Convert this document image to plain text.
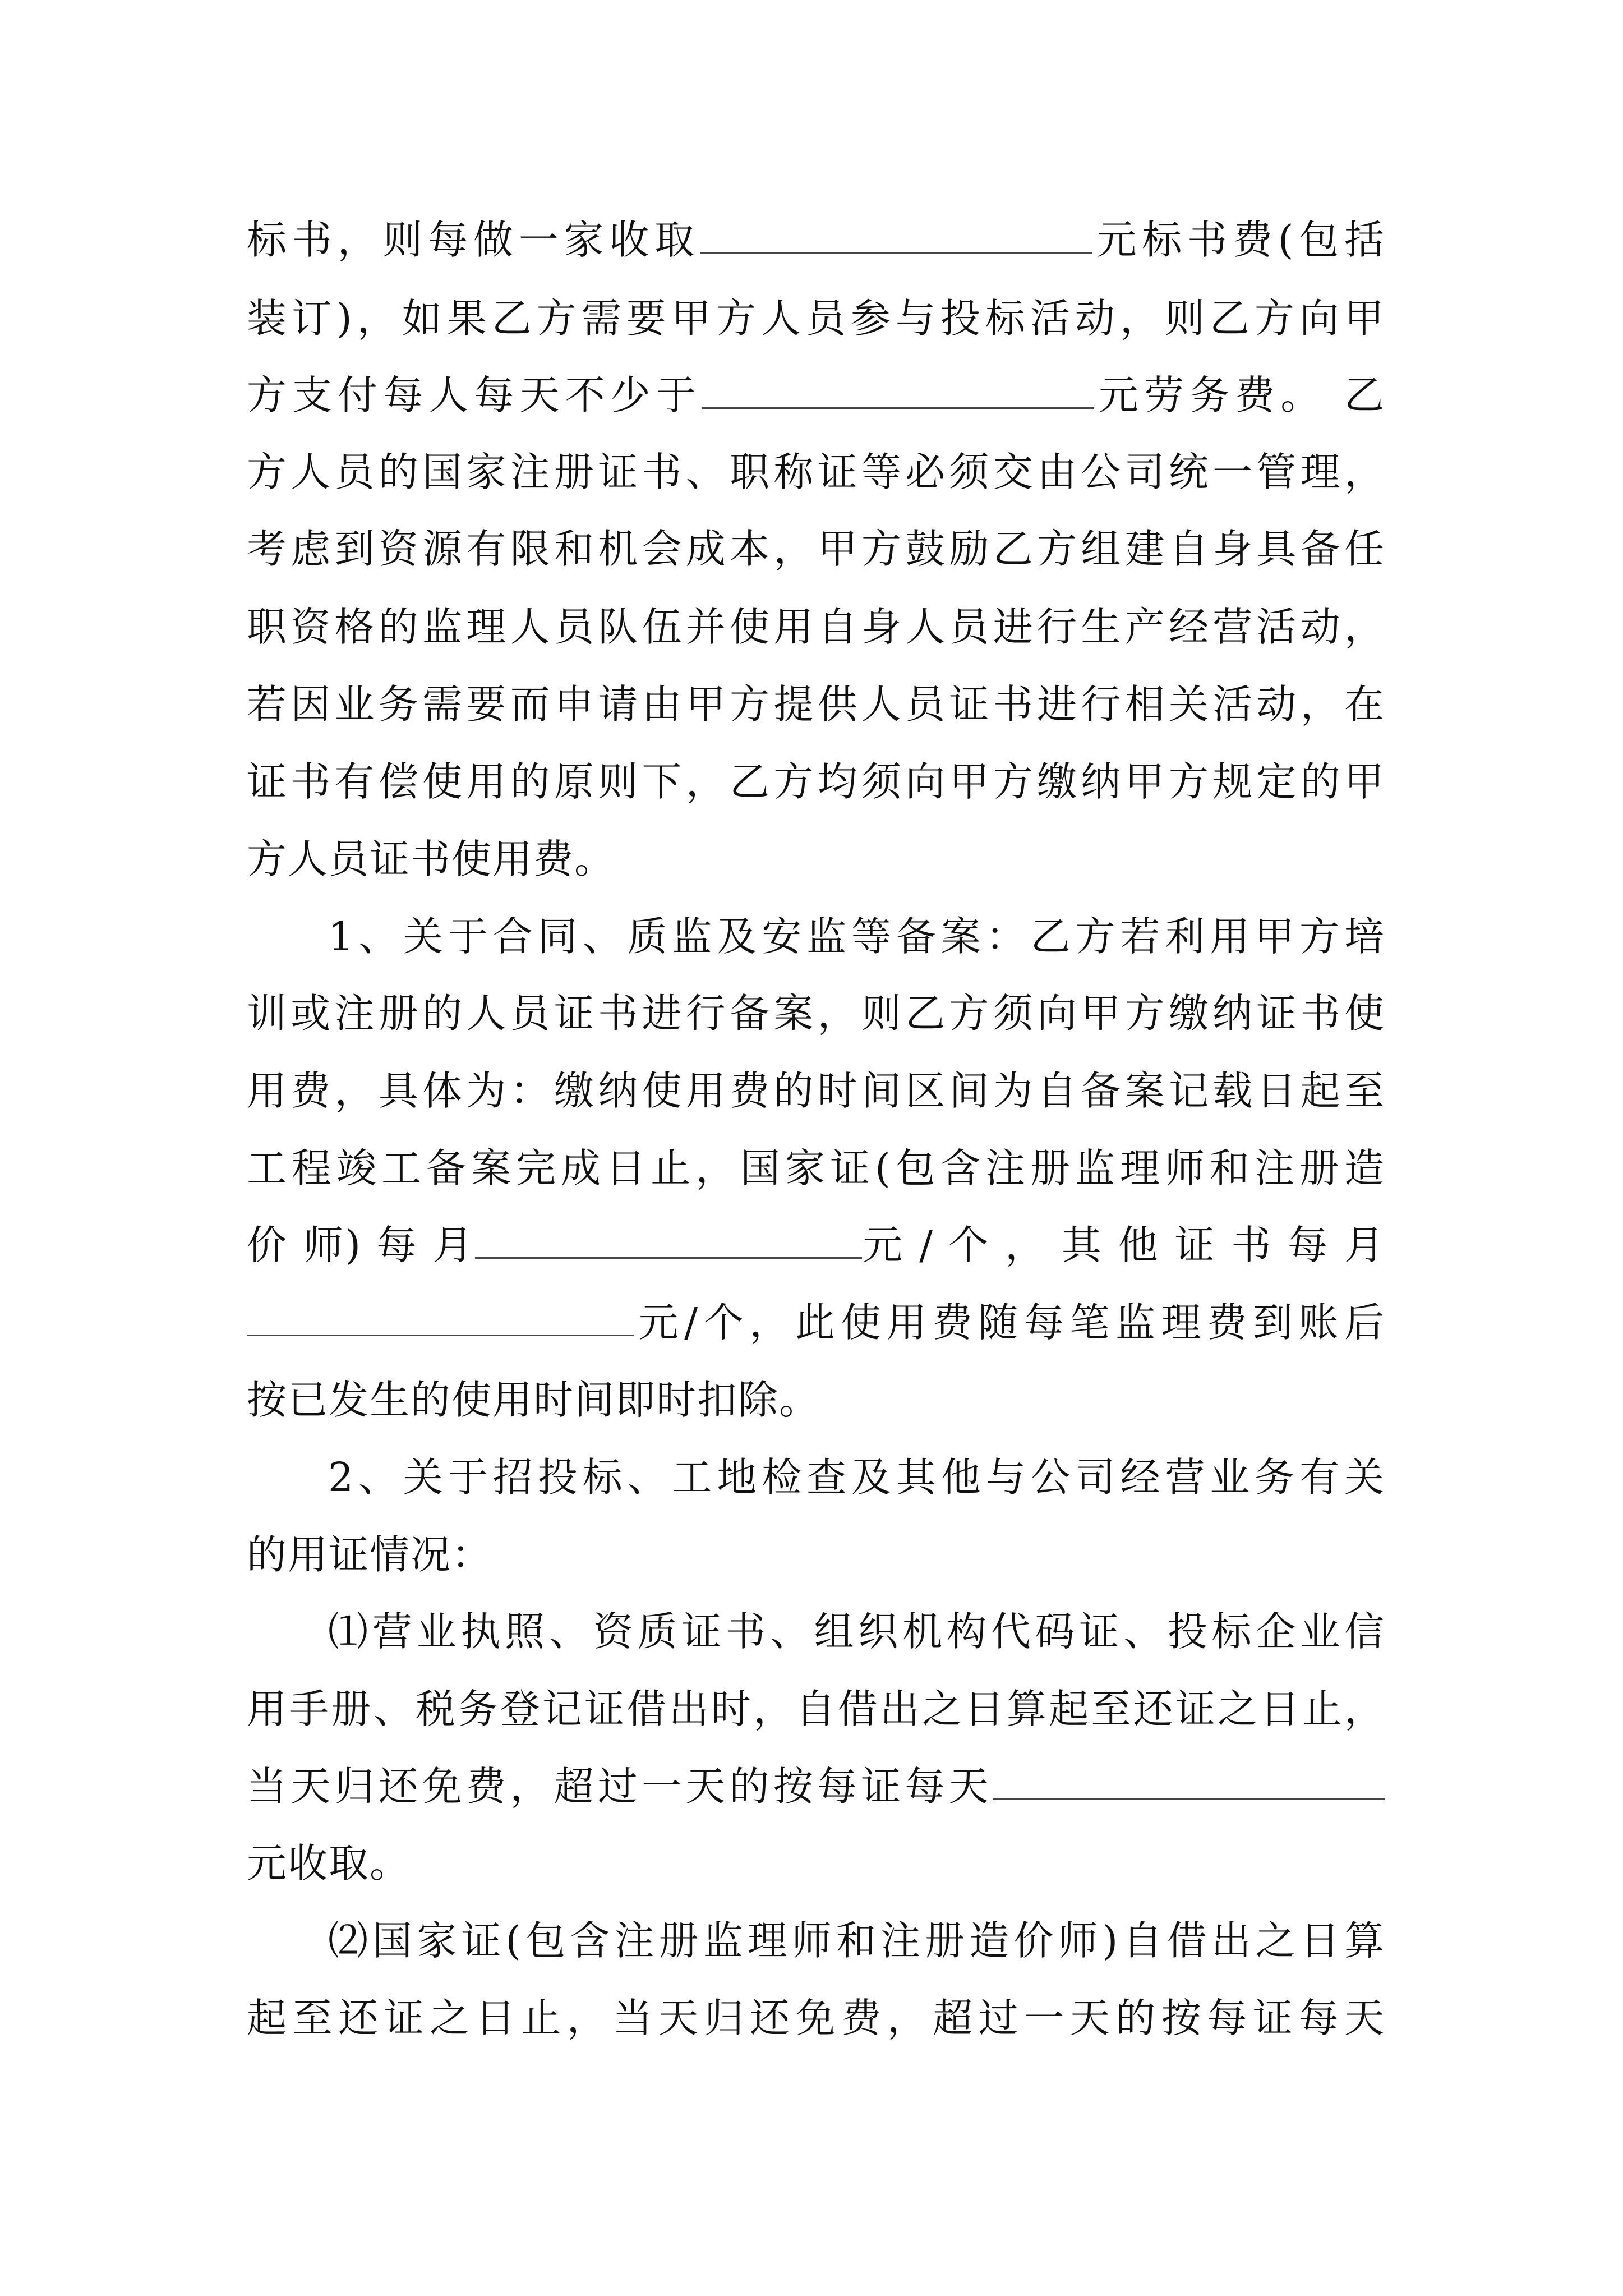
标书，则每做一家收取	元标书费(包括
装订)，如果乙方需要甲方人员参与投标活动，则乙方向甲
方支付每人每天不少于	元劳务费。 乙
方人员的国家注册证书、职称证等必须交由公司统一管理，
考虑到资源有限和机会成本，甲方鼓励乙方组建自身具备任
职资格的监理人员队伍并使用自身人员进行生产经营活动，
若因业务需要而申请由甲方提供人员证书进行相关活动，在
证书有偿使用的原则下，乙方均须向甲方缴纳甲方规定的甲
方人员证书使用费。
1、关于合同、质监及安监等备案：乙方若利用甲方培
训或注册的人员证书进行备案，则乙方须向甲方缴纳证书使
用费，具体为：缴纳使用费的时间区间为自备案记载日起至
工程竣工备案完成日止，国家证(包含注册监理师和注册造
价 师) 每 月	元 / 个 ， 其 他 证 书 每 月
元/个，此使用费随每笔监理费到账后
按已发生的使用时间即时扣除。
2、关于招投标、工地检查及其他与公司经营业务有关
的用证情况：
⑴营业执照、资质证书、组织机构代码证、投标企业信
用手册、税务登记证借出时，自借出之日算起至还证之日止，
当天归还免费，超过一天的按每证每天
元收取。
⑵国家证(包含注册监理师和注册造价师)自借出之日算
起至还证之日止，当天归还免费，超过一天的按每证每天
